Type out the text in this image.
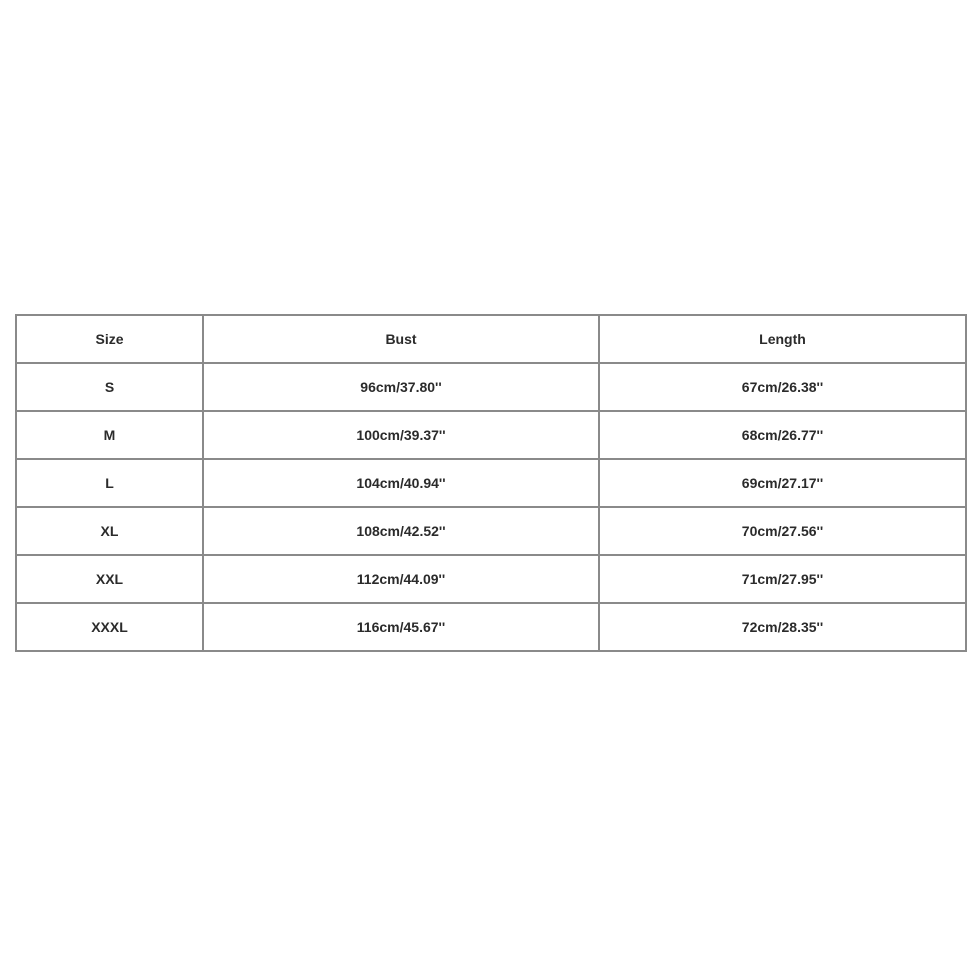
Size	Bust	Length
S	96cm/37.80''	67cm/26.38''
M	100cm/39.37''	68cm/26.77''
L	104cm/40.94''	69cm/27.17''
XL	108cm/42.52''	70cm/27.56''
XXL	112cm/44.09''	71cm/27.95''
XXXL	116cm/45.67''	72cm/28.35''
